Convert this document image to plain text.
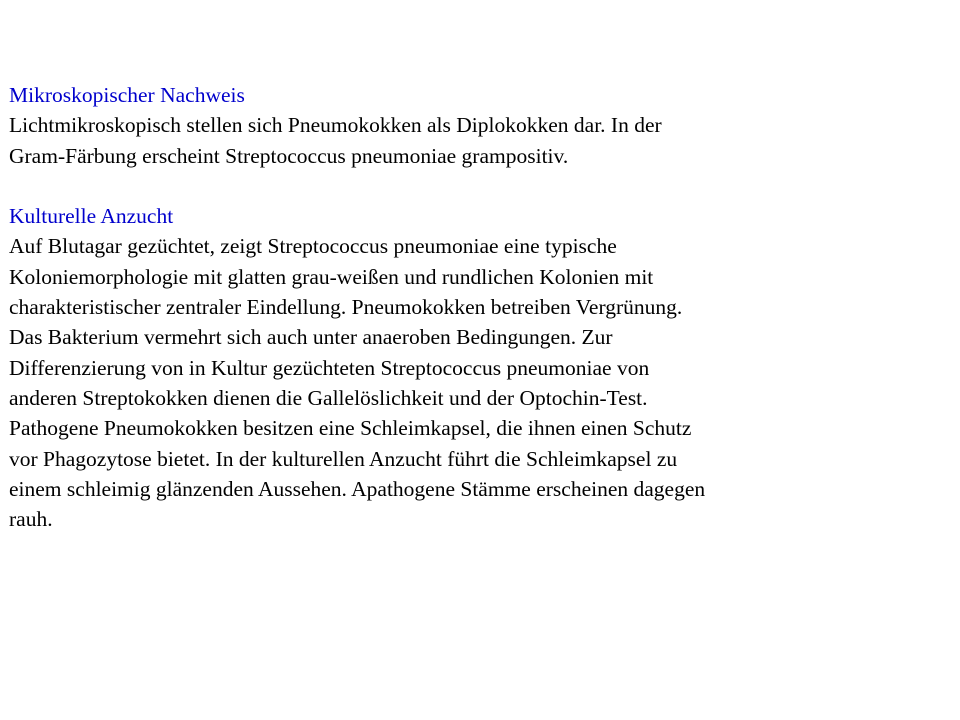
Mikroskopischer Nachweis
Lichtmikroskopisch stellen sich Pneumokokken als Diplokokken dar. In der
Gram-Färbung erscheint Streptococcus pneumoniae grampositiv.
Kulturelle Anzucht
Auf Blutagar gezüchtet, zeigt Streptococcus pneumoniae eine typische
Koloniemorphologie mit glatten grau-weißen und rundlichen Kolonien mit
charakteristischer zentraler Eindellung. Pneumokokken betreiben Vergrünung.
Das Bakterium vermehrt sich auch unter anaeroben Bedingungen. Zur
Differenzierung von in Kultur gezüchteten Streptococcus pneumoniae von
anderen Streptokokken dienen die Gallelöslichkeit und der Optochin-Test.
Pathogene Pneumokokken besitzen eine Schleimkapsel, die ihnen einen Schutz
vor Phagozytose bietet. In der kulturellen Anzucht führt die Schleimkapsel zu
einem schleimig glänzenden Aussehen. Apathogene Stämme erscheinen dagegen
rauh.
